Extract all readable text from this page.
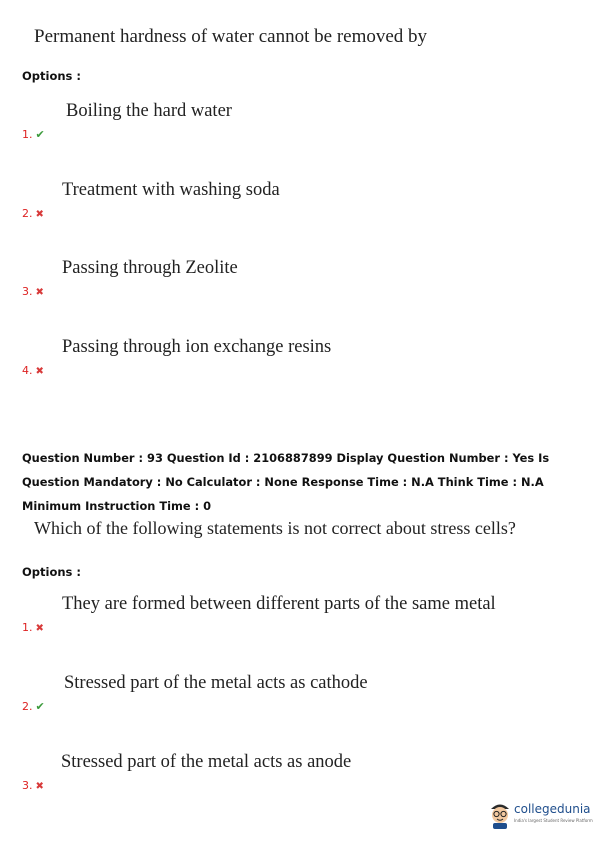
Permanent hardness of water cannot be removed by
Options :
Boiling the hard water
1. ✔
Treatment with washing soda
2. ✖
Passing through Zeolite
3. ✖
Passing through ion exchange resins
4. ✖
Question Number : 93 Question Id : 2106887899 Display Question Number : Yes Is Question Mandatory : No Calculator : None Response Time : N.A Think Time : N.A Minimum Instruction Time : 0
Which of the following statements is not correct about stress cells?
Options :
They are formed between different parts of the same metal
1. ✖
Stressed part of the metal acts as cathode
2. ✔
Stressed part of the metal acts as anode
3. ✖
collegedunia
India's largest Student Review Platform
